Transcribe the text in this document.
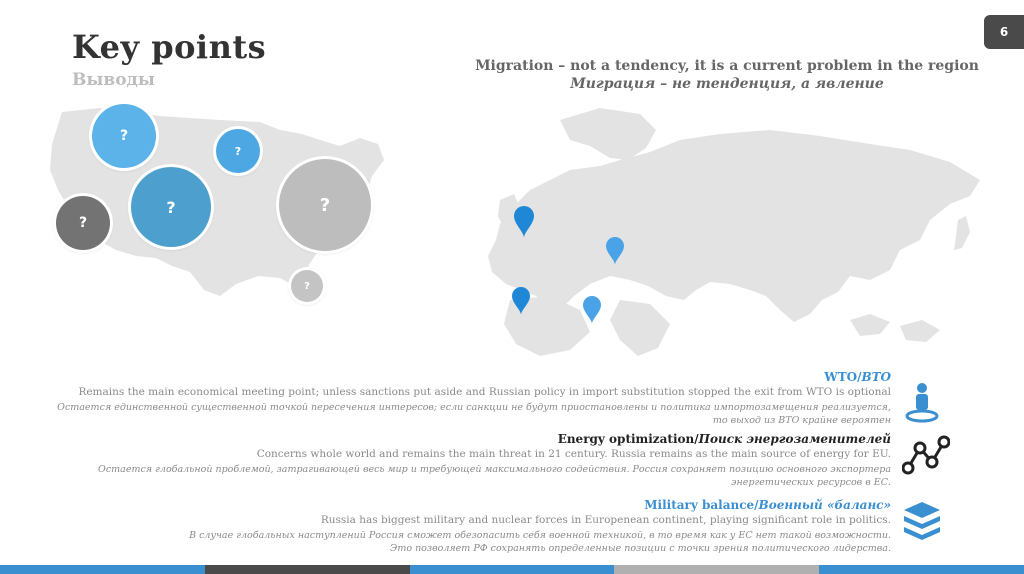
Key points
Выводы
6
Migration – not a tendency, it is a current problem in the region
Миграция – не тенденция, а явление
?
?
?
?
?
?
WTO/ВТО
Remains the main economical meeting point; unless sanctions put aside and Russian policy in import substitution stopped the exit from WTO is optional
Остается единственной существенной точкой пересечения интересов; если санкции не будут приостановлены и политика импортозамещения реализуется,
то выход из ВТО крайне вероятен
Energy optimization/Поиск энергозаменителей
Concerns whole world and remains the main threat in 21 century. Russia remains as the main source of energy for EU.
Остается глобальной проблемой, затрагивающей весь мир и требующей максимального содействия. Россия сохраняет позицию основного экспортера
энергетических ресурсов в ЕС.
Military balance/Военный «баланс»
Russia has biggest military and nuclear forces in Europenean continent, playing significant role in politics.
В случае глобальных наступлений Россия сможет обезопасить себя военной техникой, в то время как у ЕС нет такой возможности.
Это позволяет РФ сохранять определенные позиции с точки зрения политического лидерства.
